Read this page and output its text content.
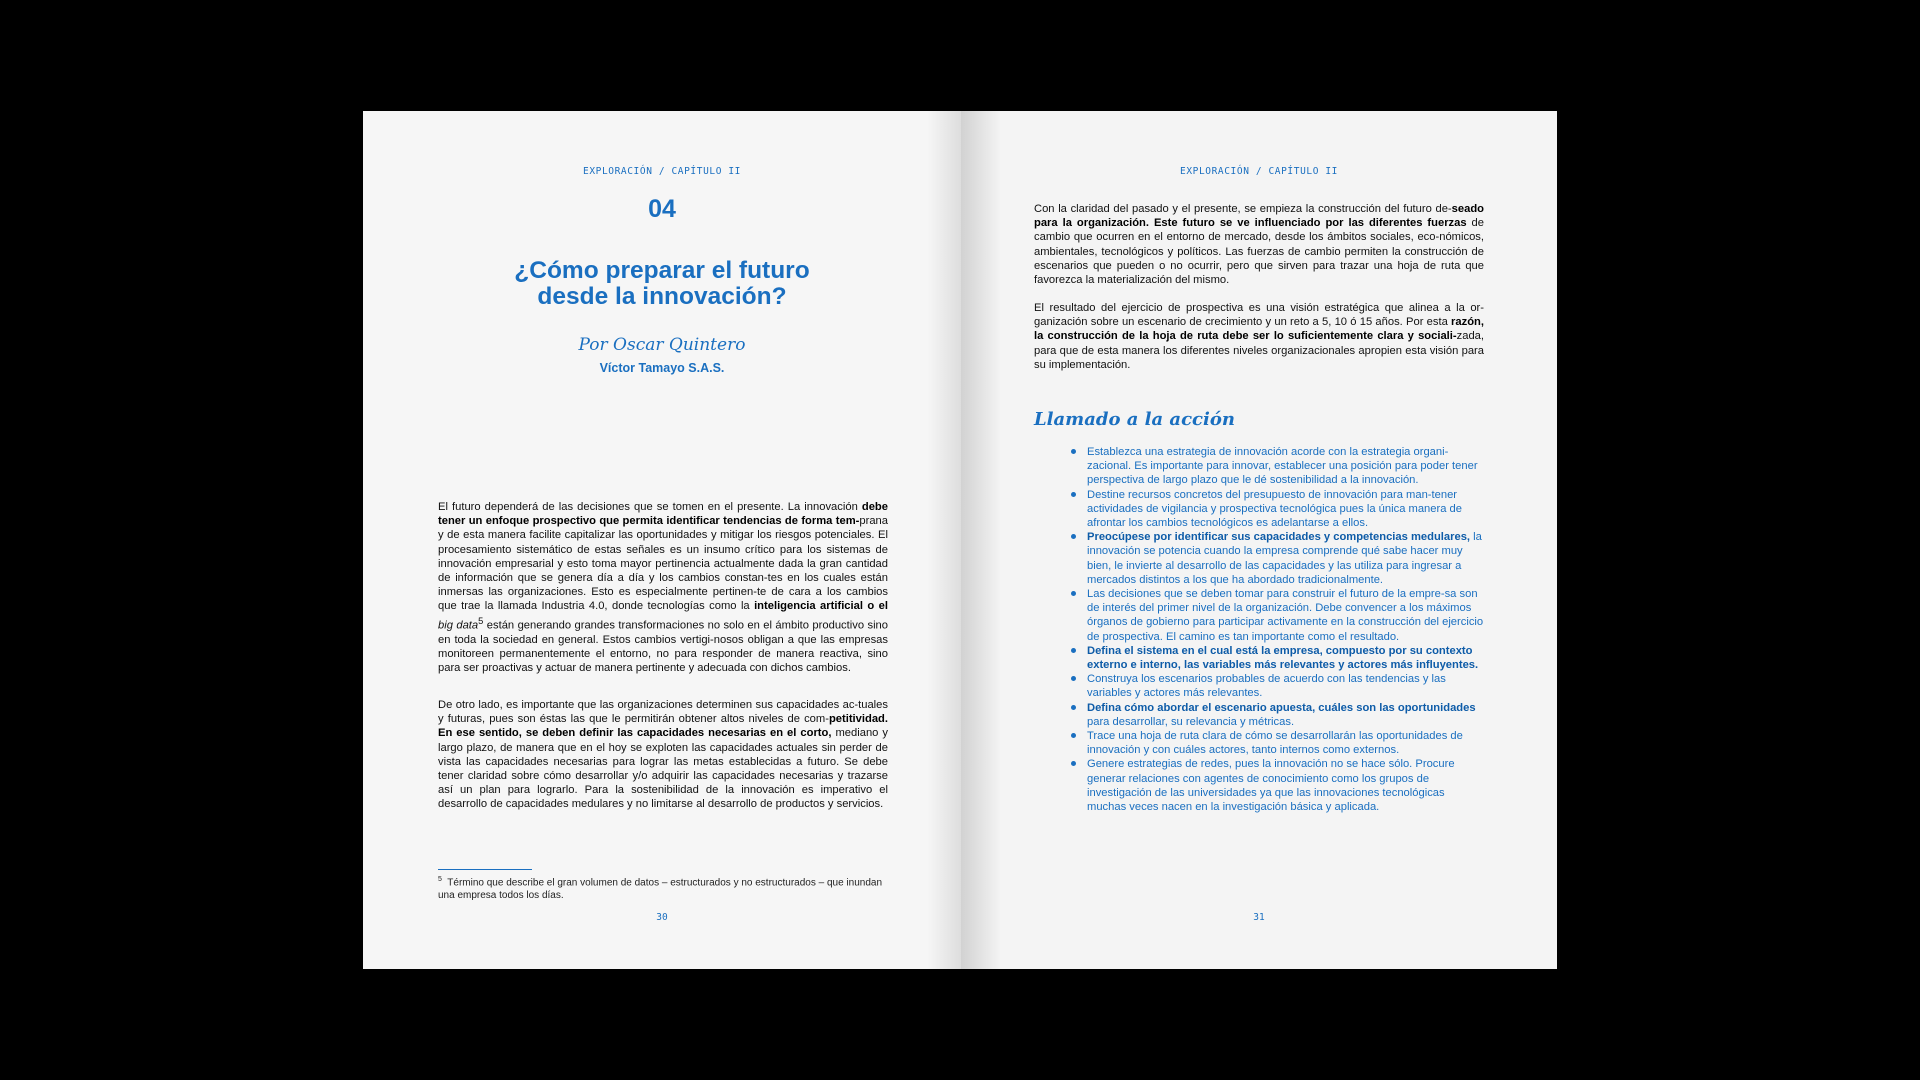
EXPLORACIÓN / CAPÍTULO II
04
¿Cómo preparar el futuro
desde la innovación?
Por Oscar Quintero
Víctor Tamayo S.A.S.

El futuro dependerá de las decisiones que se tomen en el presente. La innovación debe tener un enfoque prospectivo que permita identificar tendencias de forma tem-prana y de esta manera facilite capitalizar las oportunidades y mitigar los riesgos potenciales. El procesamiento sistemático de estas señales es un insumo crítico para los sistemas de innovación empresarial y esto toma mayor pertinencia actualmente dada la gran cantidad de información que se genera día a día y los cambios constan-tes en los cuales están inmersas las organizaciones. Esto es especialmente pertinen-te de cara a los cambios que trae la llamada Industria 4.0, donde tecnologías como la inteligencia artificial o el big data$^5$ están generando grandes transformaciones no solo en el ámbito productivo sino en toda la sociedad en general. Estos cambios vertigi-nosos obligan a que las empresas monitoreen permanentemente el entorno, no para responder de manera reactiva, sino para ser proactivas y actuar de manera pertinente y adecuada con dichos cambios.

De otro lado, es importante que las organizaciones determinen sus capacidades ac-tuales y futuras, pues son éstas las que le permitirán obtener altos niveles de com-petitividad. En ese sentido, se deben definir las capacidades necesarias en el corto, mediano y largo plazo, de manera que en el hoy se exploten las capacidades actuales sin perder de vista las capacidades necesarias para lograr las metas establecidas a futuro. Se debe tener claridad sobre cómo desarrollar y/o adquirir las capacidades necesarias y trazarse así un plan para lograrlo. Para la sostenibilidad de la innovación es imperativo el desarrollo de capacidades medulares y no limitarse al desarrollo de productos y servicios.

$^5$ Término que describe el gran volumen de datos – estructurados y no estructurados – que inundan una empresa todos los días.
30
EXPLORACIÓN / CAPÍTULO II

Con la claridad del pasado y el presente, se empieza la construcción del futuro de-seado para la organización. Este futuro se ve influenciado por las diferentes fuerzas de cambio que ocurren en el entorno de mercado, desde los ámbitos sociales, eco-nómicos, ambientales, tecnológicos y políticos. Las fuerzas de cambio permiten la construcción de escenarios que pueden o no ocurrir, pero que sirven para trazar una hoja de ruta que favorezca la materialización del mismo.

El resultado del ejercicio de prospectiva es una visión estratégica que alinea a la or-ganización sobre un escenario de crecimiento y un reto a 5, 10 ó 15 años. Por esta razón, la construcción de la hoja de ruta debe ser lo suficientemente clara y sociali-zada, para que de esta manera los diferentes niveles organizacionales apropien esta visión para su implementación.

Llamado a la acción
Establezca una estrategia de innovación acorde con la estrategia organi-zacional. Es importante para innovar, establecer una posición para poder tener perspectiva de largo plazo que le dé sostenibilidad a la innovación.
Destine recursos concretos del presupuesto de innovación para man-tener actividades de vigilancia y prospectiva tecnológica pues la única manera de afrontar los cambios tecnológicos es adelantarse a ellos.
Preocúpese por identificar sus capacidades y competencias medulares, la innovación se potencia cuando la empresa comprende qué sabe hacer muy bien, le invierte al desarrollo de las capacidades y las utiliza para ingresar a mercados distintos a los que ha abordado tradicionalmente.
Las decisiones que se deben tomar para construir el futuro de la empre-sa son de interés del primer nivel de la organización. Debe convencer a los máximos órganos de gobierno para participar activamente en la construcción del ejercicio de prospectiva. El camino es tan importante como el resultado.
Defina el sistema en el cual está la empresa, compuesto por su contexto externo e interno, las variables más relevantes y actores más influyentes.
Construya los escenarios probables de acuerdo con las tendencias y las variables y actores más relevantes.
Defina cómo abordar el escenario apuesta, cuáles son las oportunidades para desarrollar, su relevancia y métricas.
Trace una hoja de ruta clara de cómo se desarrollarán las oportunidades de innovación y con cuáles actores, tanto internos como externos.
Genere estrategias de redes, pues la innovación no se hace sólo. Procure generar relaciones con agentes de conocimiento como los grupos de investigación de las universidades ya que las innovaciones tecnológicas muchas veces nacen en la investigación básica y aplicada.
31
